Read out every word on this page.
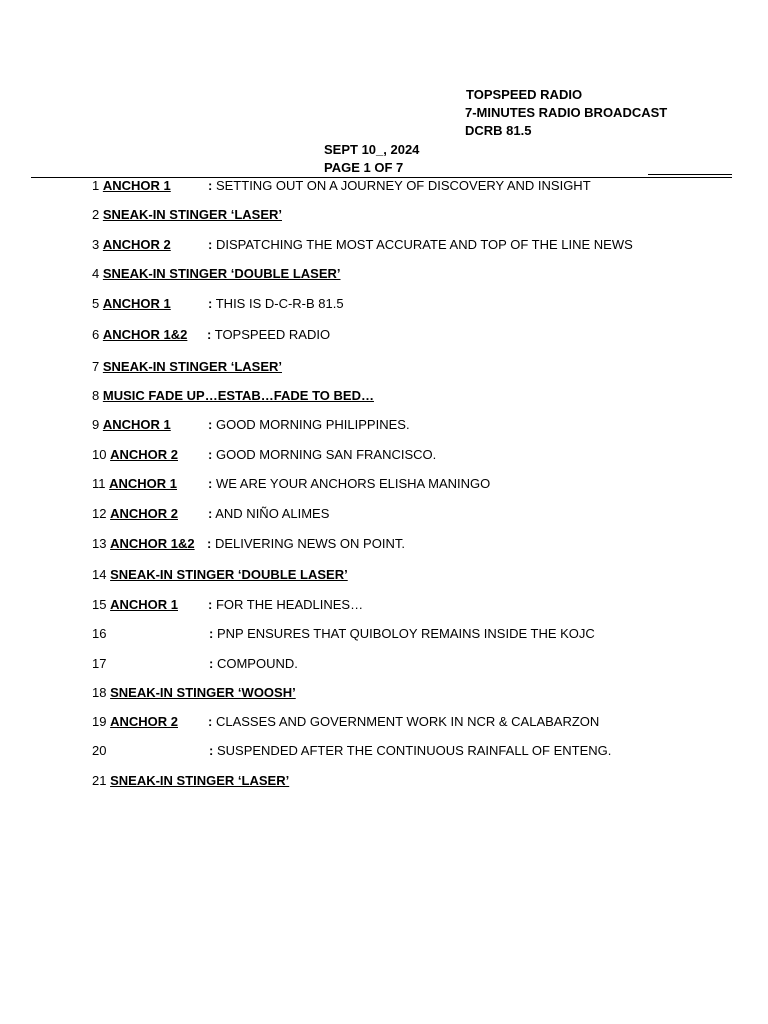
TOPSPEED RADIO
7-MINUTES RADIO BROADCAST
DCRB 81.5
SEPT 10_, 2024
PAGE 1 OF 7
1 ANCHOR 1	: SETTING OUT ON A JOURNEY OF DISCOVERY AND INSIGHT
2 SNEAK-IN STINGER ‘LASER’
3 ANCHOR 2	: DISPATCHING THE MOST ACCURATE AND TOP OF THE LINE NEWS
4 SNEAK-IN STINGER ‘DOUBLE LASER’
5 ANCHOR 1	: THIS IS D-C-R-B 81.5
6 ANCHOR 1&2 : TOPSPEED RADIO
7 SNEAK-IN STINGER ‘LASER’
8 MUSIC FADE UP…ESTAB…FADE TO BED…
9 ANCHOR 1	: GOOD MORNING PHILIPPINES.
10 ANCHOR 2 : GOOD MORNING SAN FRANCISCO.
11 ANCHOR 1 : WE ARE YOUR ANCHORS ELISHA MANINGO
12 ANCHOR 2 : AND NIÑO ALIMES
13 ANCHOR 1&2 : DELIVERING NEWS ON POINT.
14 SNEAK-IN STINGER ‘DOUBLE LASER’
15 ANCHOR 1 : FOR THE HEADLINES…
16	: PNP ENSURES THAT QUIBOLOY REMAINS INSIDE THE KOJC
17	: COMPOUND.
18 SNEAK-IN STINGER ‘WOOSH’
19 ANCHOR 2 : CLASSES AND GOVERNMENT WORK IN NCR & CALABARZON
20	: SUSPENDED AFTER THE CONTINUOUS RAINFALL OF ENTENG.
21 SNEAK-IN STINGER ‘LASER’
